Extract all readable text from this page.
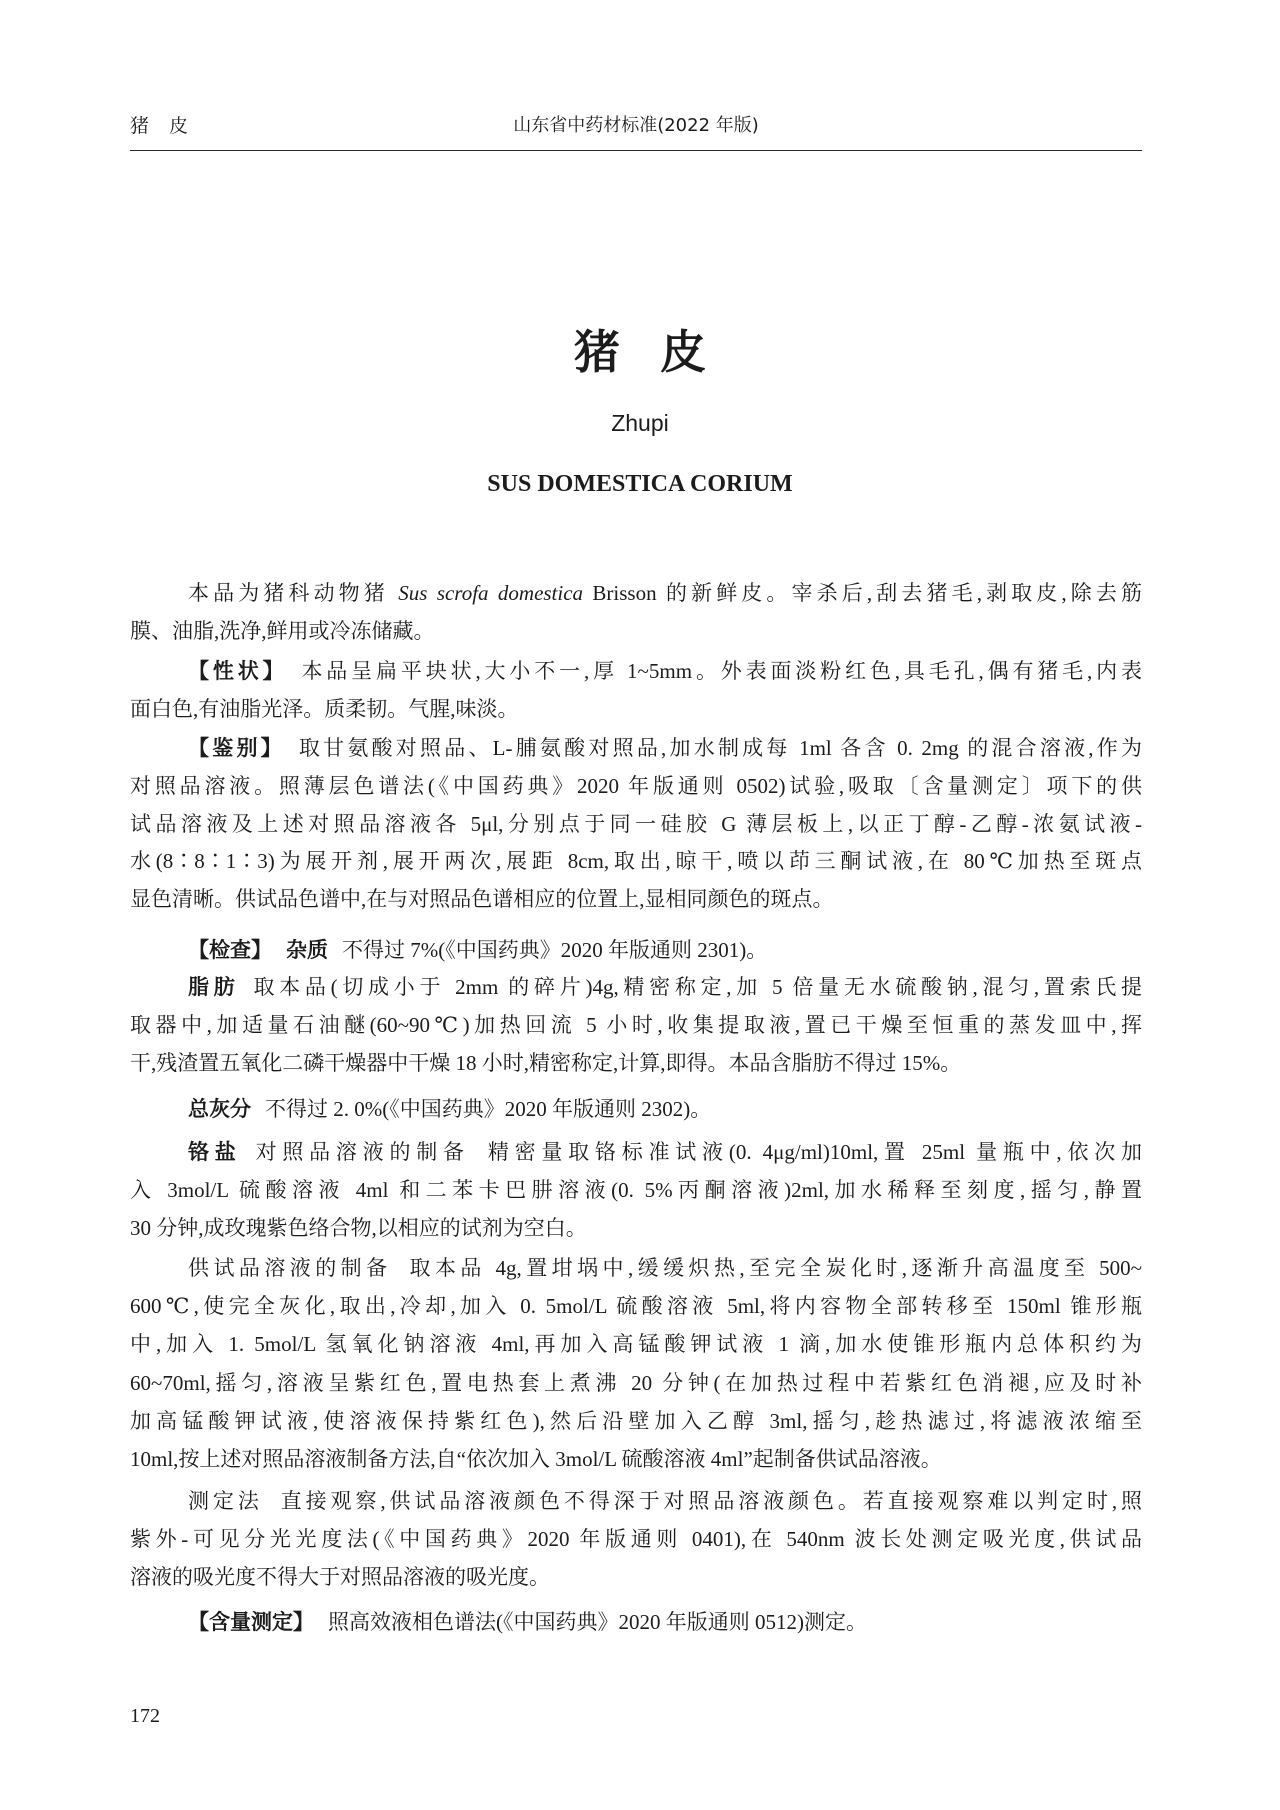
猪 皮	山东省中药材标准(2022 年版)
猪 皮
Zhupi
SUS DOMESTICA CORIUM
本品为猪科动物猪 Sus scrofa domestica Brisson 的新鲜皮。宰杀后,刮去猪毛,剥取皮,除去筋
膜、油脂,洗净,鲜用或冷冻储藏。
【性状】 本品呈扁平块状,大小不一,厚 1~5mm。外表面淡粉红色,具毛孔,偶有猪毛,内表
面白色,有油脂光泽。质柔韧。气腥,味淡。
【鉴别】 取甘氨酸对照品、L-脯氨酸对照品,加水制成每 1ml 各含 0. 2mg 的混合溶液,作为
对照品溶液。照薄层色谱法(《中国药典》2020 年版通则 0502)试验,吸取〔含量测定〕项下的供
试品溶液及上述对照品溶液各 5μl,分别点于同一硅胶 G 薄层板上,以正丁醇-乙醇-浓氨试液-
水(8∶8∶1∶3)为展开剂,展开两次,展距 8cm,取出,晾干,喷以茚三酮试液,在 80℃加热至斑点
显色清晰。供试品色谱中,在与对照品色谱相应的位置上,显相同颜色的斑点。
【检查】 杂质 不得过 7%(《中国药典》2020 年版通则 2301)。
脂肪 取本品(切成小于 2mm 的碎片)4g,精密称定,加 5 倍量无水硫酸钠,混匀,置索氏提
取器中,加适量石油醚(60~90℃)加热回流 5 小时,收集提取液,置已干燥至恒重的蒸发皿中,挥
干,残渣置五氧化二磷干燥器中干燥 18 小时,精密称定,计算,即得。本品含脂肪不得过 15%。
总灰分 不得过 2. 0%(《中国药典》2020 年版通则 2302)。
铬盐 对照品溶液的制备 精密量取铬标准试液(0. 4μg/ml)10ml,置 25ml 量瓶中,依次加
入 3mol/L 硫酸溶液 4ml 和二苯卡巴肼溶液(0. 5%丙酮溶液)2ml,加水稀释至刻度,摇匀,静置
30 分钟,成玫瑰紫色络合物,以相应的试剂为空白。
供试品溶液的制备 取本品 4g,置坩埚中,缓缓炽热,至完全炭化时,逐渐升高温度至 500~
600℃,使完全灰化,取出,冷却,加入 0. 5mol/L 硫酸溶液 5ml,将内容物全部转移至 150ml 锥形瓶
中,加入 1. 5mol/L 氢氧化钠溶液 4ml,再加入高锰酸钾试液 1 滴,加水使锥形瓶内总体积约为
60~70ml,摇匀,溶液呈紫红色,置电热套上煮沸 20 分钟(在加热过程中若紫红色消褪,应及时补
加高锰酸钾试液,使溶液保持紫红色),然后沿壁加入乙醇 3ml,摇匀,趁热滤过,将滤液浓缩至
10ml,按上述对照品溶液制备方法,自“依次加入 3mol/L 硫酸溶液 4ml”起制备供试品溶液。
测定法 直接观察,供试品溶液颜色不得深于对照品溶液颜色。若直接观察难以判定时,照
紫外-可见分光光度法(《中国药典》2020 年版通则 0401),在 540nm 波长处测定吸光度,供试品
溶液的吸光度不得大于对照品溶液的吸光度。
【含量测定】 照高效液相色谱法(《中国药典》2020 年版通则 0512)测定。
172
